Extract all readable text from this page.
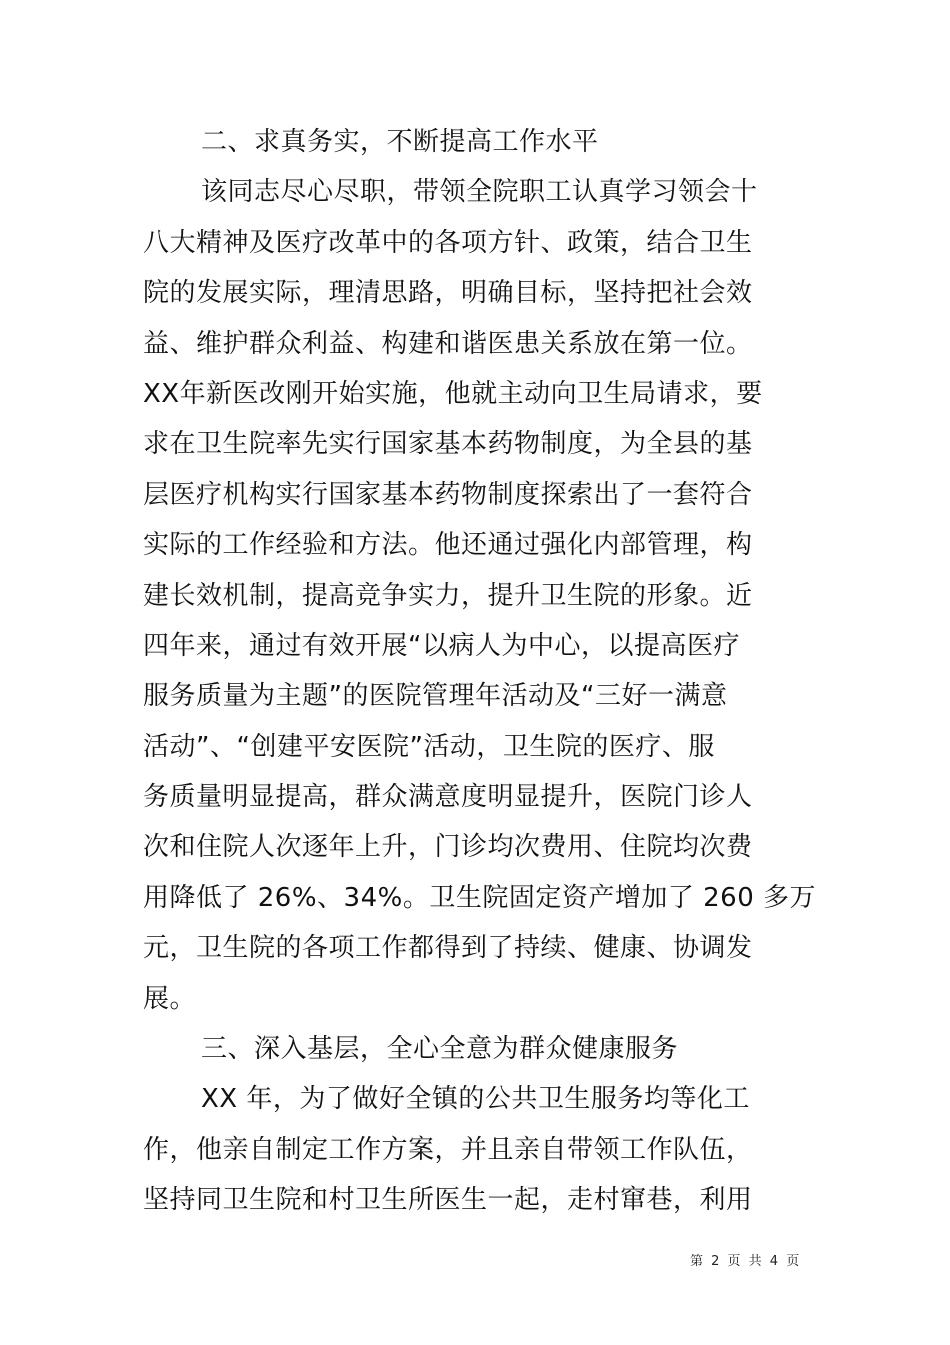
二、求真务实，不断提高工作水平
该同志尽心尽职，带领全院职工认真学习领会十
八大精神及医疗改革中的各项方针、政策，结合卫生
院的发展实际，理清思路，明确目标，坚持把社会效
益、维护群众利益、构建和谐医患关系放在第一位。
XX年新医改刚开始实施，他就主动向卫生局请求，要
求在卫生院率先实行国家基本药物制度，为全县的基
层医疗机构实行国家基本药物制度探索出了一套符合
实际的工作经验和方法。他还通过强化内部管理，构
建长效机制，提高竞争实力，提升卫生院的形象。近
四年来，通过有效开展“以病人为中心，以提高医疗
服务质量为主题”的医院管理年活动及“三好一满意
活动”、“创建平安医院”活动，卫生院的医疗、服
务质量明显提高，群众满意度明显提升，医院门诊人
次和住院人次逐年上升，门诊均次费用、住院均次费
用降低了 26%、34%。卫生院固定资产增加了 260 多万
元，卫生院的各项工作都得到了持续、健康、协调发
展。
三、深入基层，全心全意为群众健康服务
XX 年，为了做好全镇的公共卫生服务均等化工
作，他亲自制定工作方案，并且亲自带领工作队伍，
坚持同卫生院和村卫生所医生一起，走村窜巷，利用
第 2 页 共 4 页
